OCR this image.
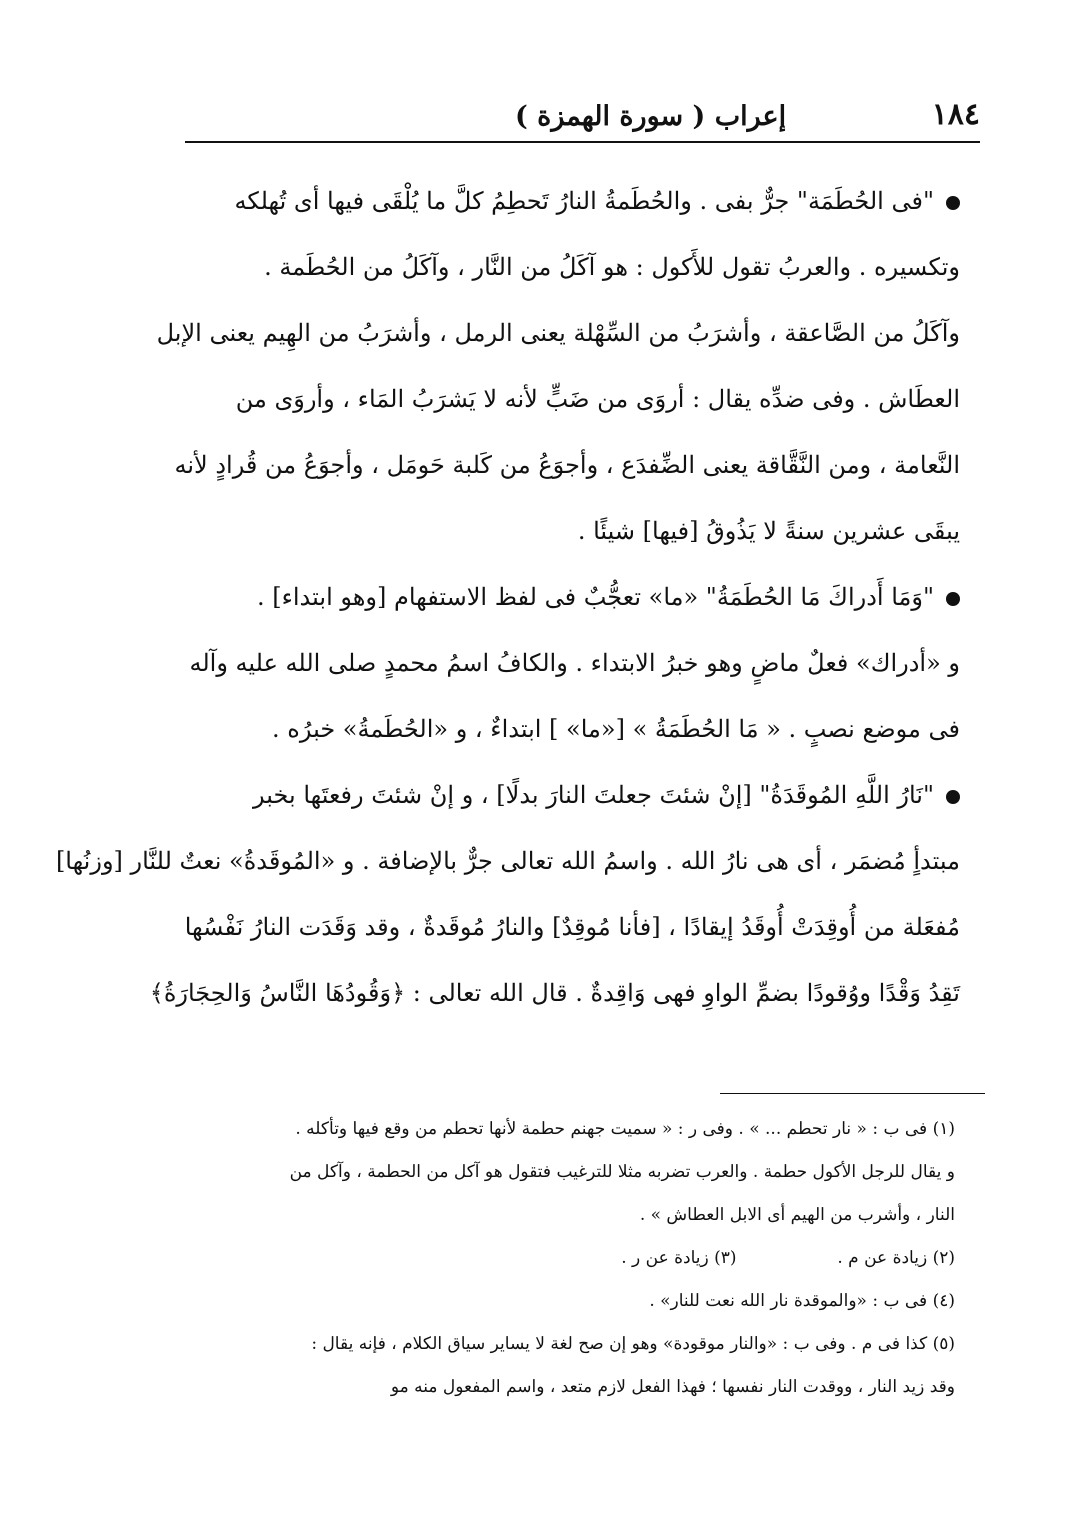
١٨٤
إعراب ( سورة الهمزة )
"فى الحُطَمَة" جرٌّ بفى . والحُطَمةُ النارُ تَحطِمُ كلَّ ما يُلْقَى فيها أى تُهلكه
وتكسيره . والعربُ تقول للأَكول : هو آكَلُ من النَّار ، وآكَلُ من الحُطَمة .
وآكَلُ من الصَّاعقة ، وأشرَبُ من السِّهْلة يعنى الرمل ، وأشرَبُ من الهِيم يعنى الإبل
العطَاش . وفى ضدِّه يقال : أروَى من ضَبٍّ لأنه لا يَشرَبُ المَاء ، وأروَى من
النَّعامة ، ومن النَّقَّاقة يعنى الضِّفدَع ، وأجوَعُ من كَلبة حَومَل ، وأجوَعُ من قُرادٍ لأنه
يبقَى عشرين سنةً لا يَذُوقُ [فيها] شيئًا .
"وَمَا أَدراكَ مَا الحُطَمَةُ" «ما» تعجُّبٌ فى لفظ الاستفهام [وهو ابتداء] .
و «أدراك» فعلٌ ماضٍ وهو خبرُ الابتداء . والكافُ اسمُ محمدٍ صلى الله عليه وآله
فى موضع نصبٍ . « مَا الحُطَمَةُ » [«ما» ] ابتداءٌ ، و «الحُطَمةُ» خبرُه .
"نَارُ اللَّهِ المُوقَدَةُ" [إنْ شئتَ جعلتَ النارَ بدلًا] ، و إنْ شئتَ رفعتَها بخبر
مبتدأٍ مُضمَر ، أى هى نارُ الله . واسمُ الله تعالى جرٌّ بالإضافة . و «المُوقَدةُ» نعتٌ للنَّار [وزنُها]
مُفعَلة من أُوقِدَتْ أُوقَدُ إيقادًا ، [فأنا مُوقِدٌ] والنارُ مُوقَدةٌ ، وقد وَقَدَت النارُ نَفْسُها
تَقِدُ وَقْدًا ووُقودًا بضمِّ الواوِ فهى وَاقِدةٌ . قال الله تعالى : ﴿وَقُودُهَا النَّاسُ وَالحِجَارَةُ﴾
(١) فى ب : « نار تحطم ... » . وفى ر : « سميت جهنم حطمة لأنها تحطم من وقع فيها وتأكله .
و يقال للرجل الأكول حطمة . والعرب تضربه مثلا للترغيب فتقول هو آكل من الحطمة ، وآكل من
النار ، وأشرب من الهيم أى الابل العطاش » .
(٢) زيادة عن م .  (٣) زيادة عن ر .
(٤) فى ب : «والموقدة نار الله نعت للنار» .
(٥) كذا فى م . وفى ب : «والنار موقودة» وهو إن صح لغة لا يساير سياق الكلام ، فإنه يقال :
وقد زيد النار ، ووقدت النار نفسها ؛ فهذا الفعل لازم متعد ، واسم المفعول منه مو
